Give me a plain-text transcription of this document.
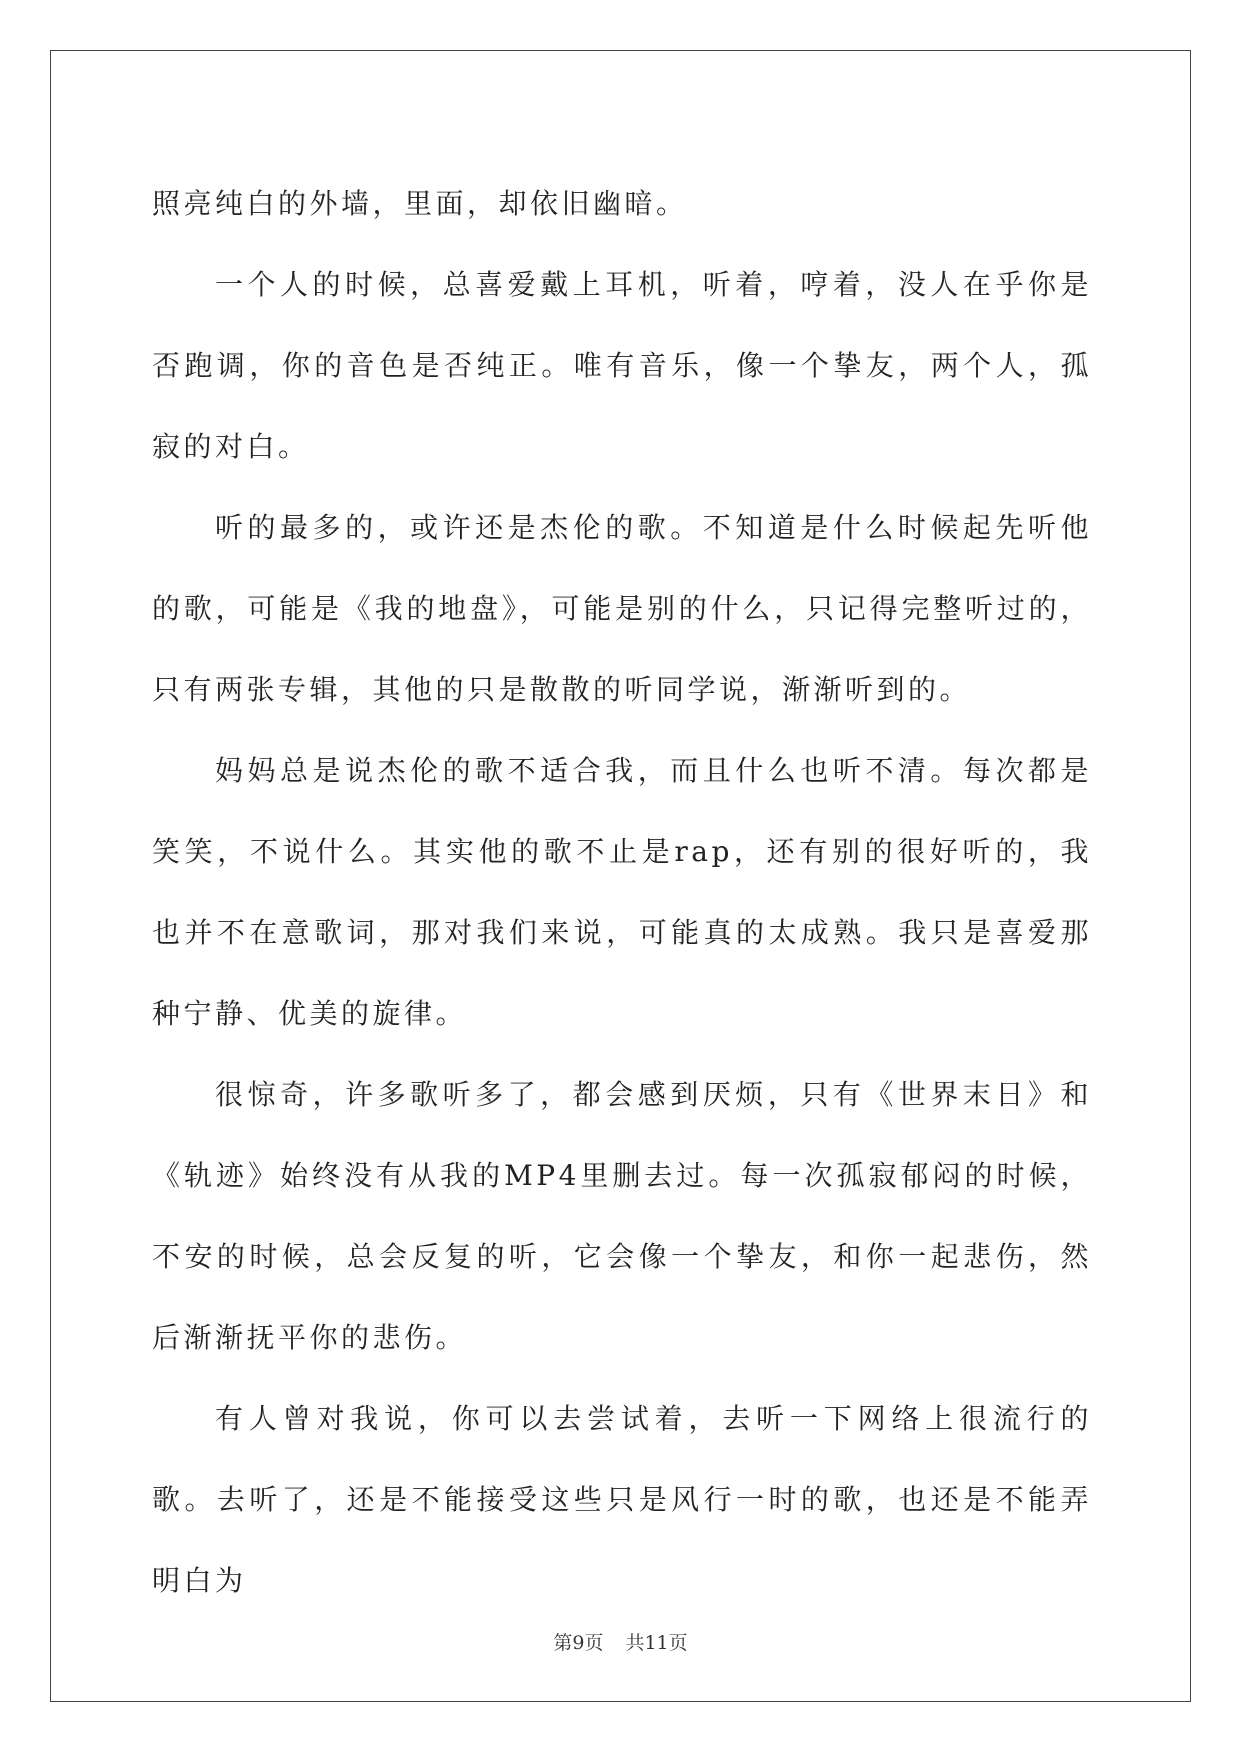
照亮纯白的外墙，里面，却依旧幽暗。

一个人的时候，总喜爱戴上耳机，听着，哼着，没人在乎你是否跑调，你的音色是否纯正。唯有音乐，像一个挚友，两个人，孤寂的对白。

听的最多的，或许还是杰伦的歌。不知道是什么时候起先听他的歌，可能是《我的地盘》，可能是别的什么，只记得完整听过的，只有两张专辑，其他的只是散散的听同学说，渐渐听到的。

妈妈总是说杰伦的歌不适合我，而且什么也听不清。每次都是笑笑，不说什么。其实他的歌不止是rap，还有别的很好听的，我也并不在意歌词，那对我们来说，可能真的太成熟。我只是喜爱那种宁静、优美的旋律。

很惊奇，许多歌听多了，都会感到厌烦，只有《世界末日》和《轨迹》始终没有从我的MP4里删去过。每一次孤寂郁闷的时候，不安的时候，总会反复的听，它会像一个挚友，和你一起悲伤，然后渐渐抚平你的悲伤。

有人曾对我说，你可以去尝试着，去听一下网络上很流行的歌。去听了，还是不能接受这些只是风行一时的歌，也还是不能弄明白为

第9页 共11页
